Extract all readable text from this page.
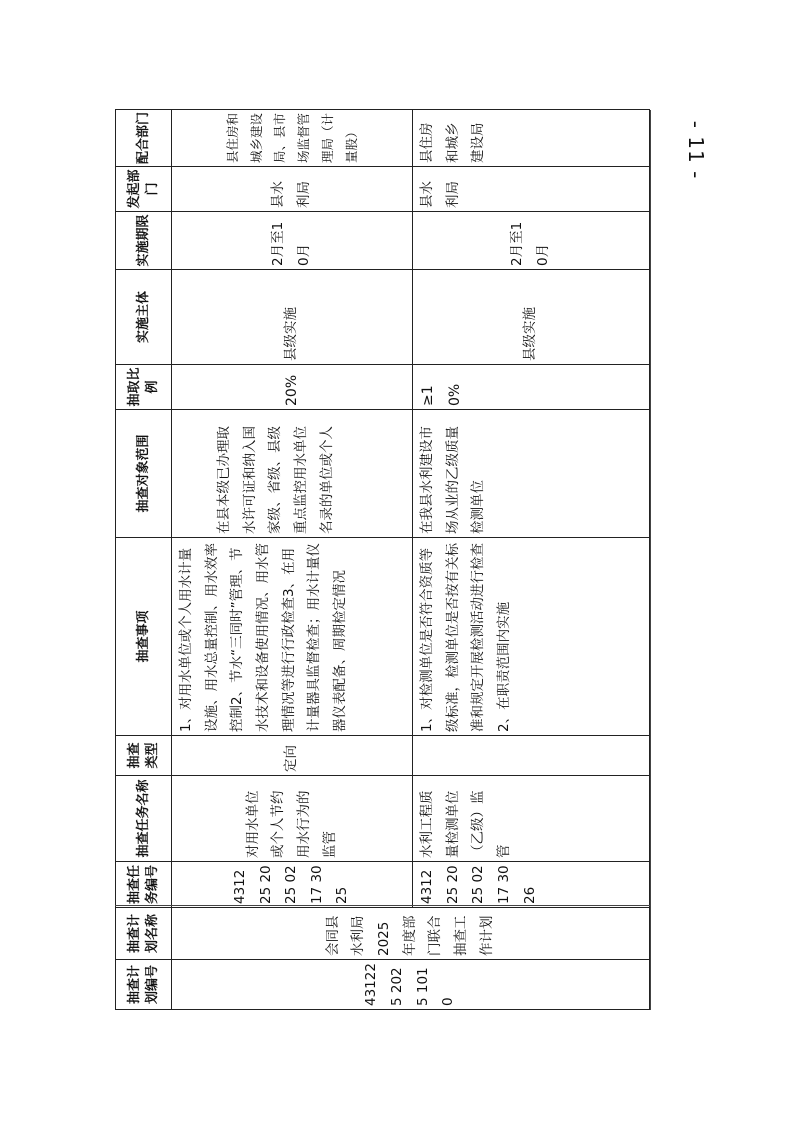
抽查计划编号	抽查计划名称	抽查任务编号	抽查任务名称	抽查类型	抽查事项	抽查对象范围	抽取比例	实施主体	实施期限	发起部门	配合部门
431225 2025 1010	会同县水利局2025年度部门联合抽查工作计划	431225 2025 0217 3025	对用水单位或个人节约用水行为的监管	定向	1、对用水单位或个人用水计量设施、用水总量控制、用水效率控制2、节水“三同时”管理、节水技术和设备使用情况、用水管理情况等进行行政检查3、在用计量器具监督检查；用水计量仪器仪表配备、周期检定情况	在县本级已办理取水许可证和纳入国家级、省级、县级重点监控用水单位名录的单位或个人	20%	县级实施	2月至10月	县水利局	县住房和城乡建设局、县市场监督管理局（计量股）
		431225 2025 0217 3026	水利工程质量检测单位（乙级）监管		1、对检测单位是否符合资质等级标准，检测单位是否按有关标准和规定开展检测活动进行检查2、在职责范围内实施	在我县水利建设市场从业的乙级质量检测单位	≥10%	县级实施	2月至10月	县水利局	县住房和城乡建设局	- 11 -
